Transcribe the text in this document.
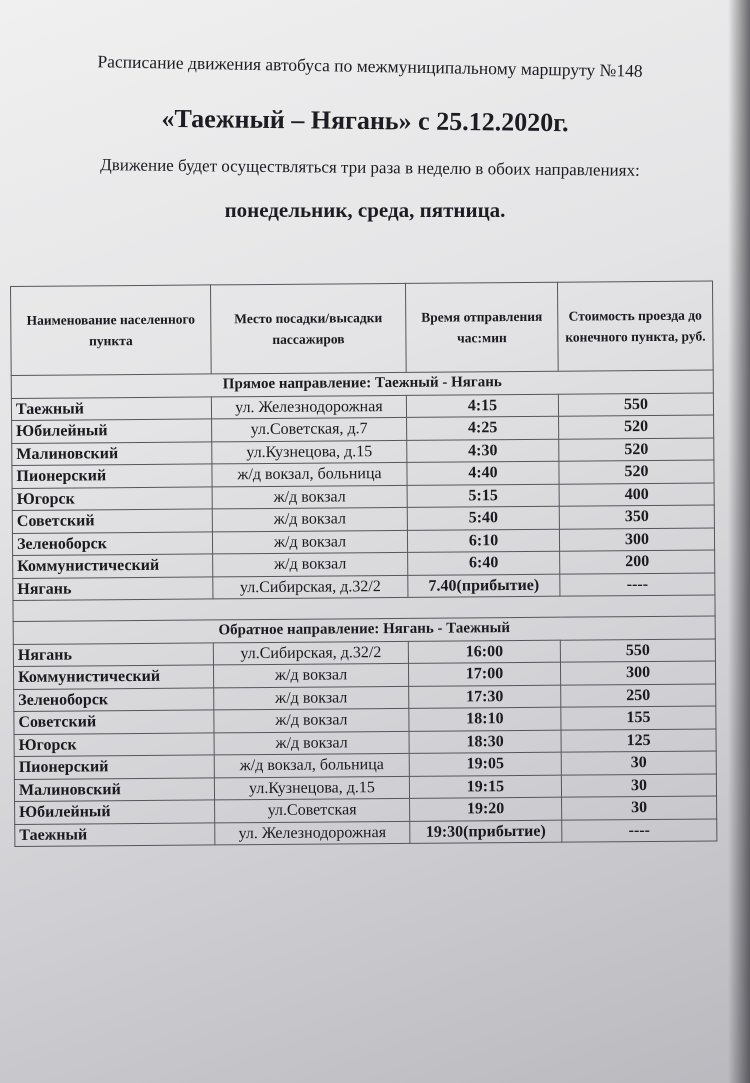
Расписание движения автобуса по межмуниципальному маршруту №148
«Таежный – Нягань» с 25.12.2020г.
Движение будет осуществляться три раза в неделю в обоих направлениях:
понедельник, среда, пятница.
Наименование населенного пункта	Место посадки/высадки пассажиров	Время отправления час:мин	Стоимость проезда до конечного пункта, руб.
Прямое направление: Таежный - Нягань			
Таежный	ул. Железнодорожная	4:15	550
Юбилейный	ул.Советская, д.7	4:25	520
Малиновский	ул.Кузнецова, д.15	4:30	520
Пионерский	ж/д вокзал, больница	4:40	520
Югорск	ж/д вокзал	5:15	400
Советский	ж/д вокзал	5:40	350
Зеленоборск	ж/д вокзал	6:10	300
Коммунистический	ж/д вокзал	6:40	200
Нягань	ул.Сибирская, д.32/2	7.40(прибытие)	----

Обратное направление: Нягань - Таежный			
Нягань	ул.Сибирская, д.32/2	16:00	550
Коммунистический	ж/д вокзал	17:00	300
Зеленоборск	ж/д вокзал	17:30	250
Советский	ж/д вокзал	18:10	155
Югорск	ж/д вокзал	18:30	125
Пионерский	ж/д вокзал, больница	19:05	30
Малиновский	ул.Кузнецова, д.15	19:15	30
Юбилейный	ул.Советская	19:20	30
Таежный	ул. Железнодорожная	19:30(прибытие)	----
